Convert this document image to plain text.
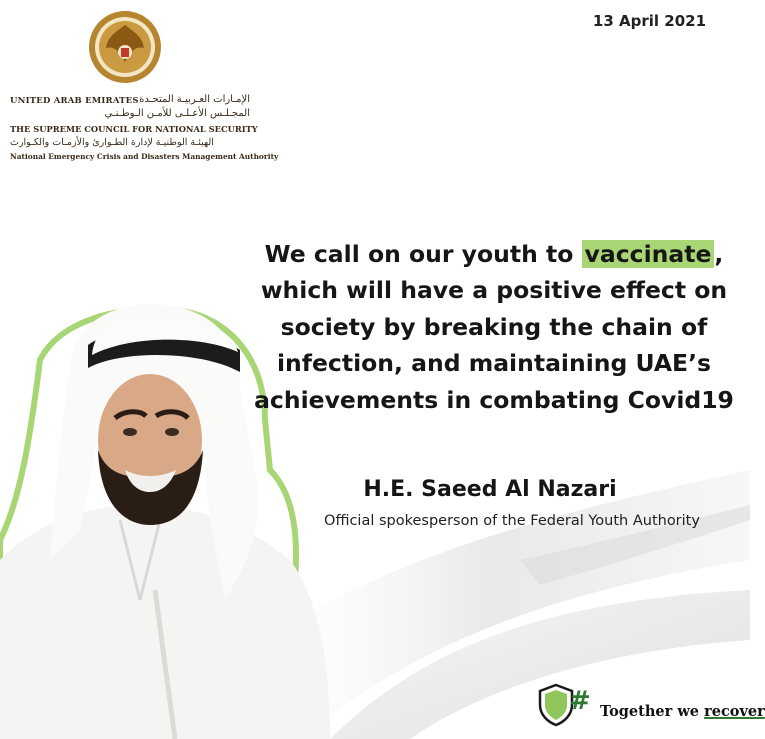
13 April 2021
UNITED ARAB EMIRATES الإمـارات العـربيـة المتحـدة
المجـلـس الأعـلـى للأمـن الـوطـنـي
THE SUPREME COUNCIL FOR NATIONAL SECURITY
الهيئـة الوطنيـة لإدارة الطـوارئ والأزمـات والكـوارث
National Emergency Crisis and Disasters Management Authority
We call on our youth to vaccinate , which will have a positive effect on society by breaking the chain of infection, and maintaining UAE’s achievements in combating Covid19
H.E. Saeed Al Nazari
Official spokesperson of the Federal Youth Authority
# Together we recover
